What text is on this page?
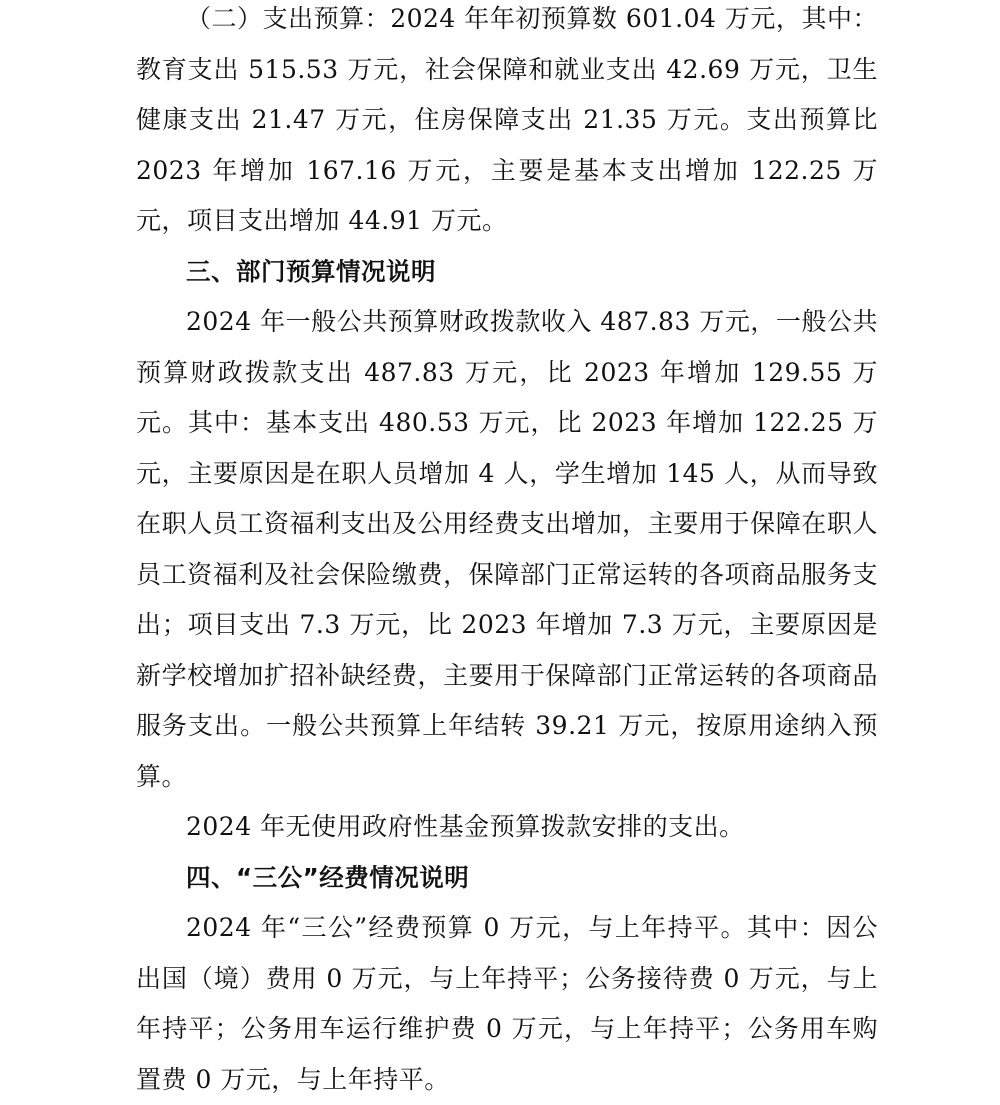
（二）支出预算：2024 年年初预算数 601.04 万元，其中：教育支出 515.53 万元，社会保障和就业支出 42.69 万元，卫生健康支出 21.47 万元，住房保障支出 21.35 万元。支出预算比 2023 年增加 167.16 万元，主要是基本支出增加 122.25 万元，项目支出增加 44.91 万元。

三、部门预算情况说明

2024 年一般公共预算财政拨款收入 487.83 万元，一般公共预算财政拨款支出 487.83 万元，比 2023 年增加 129.55 万元。其中：基本支出 480.53 万元，比 2023 年增加 122.25 万元，主要原因是在职人员增加 4 人，学生增加 145 人，从而导致在职人员工资福利支出及公用经费支出增加，主要用于保障在职人员工资福利及社会保险缴费，保障部门正常运转的各项商品服务支出；项目支出 7.3 万元，比 2023 年增加 7.3 万元，主要原因是新学校增加扩招补缺经费，主要用于保障部门正常运转的各项商品服务支出。一般公共预算上年结转 39.21 万元，按原用途纳入预算。

2024 年无使用政府性基金预算拨款安排的支出。

四、“三公”经费情况说明

2024 年“三公”经费预算 0 万元，与上年持平。其中：因公出国（境）费用 0 万元，与上年持平；公务接待费 0 万元，与上年持平；公务用车运行维护费 0 万元，与上年持平；公务用车购置费 0 万元，与上年持平。
